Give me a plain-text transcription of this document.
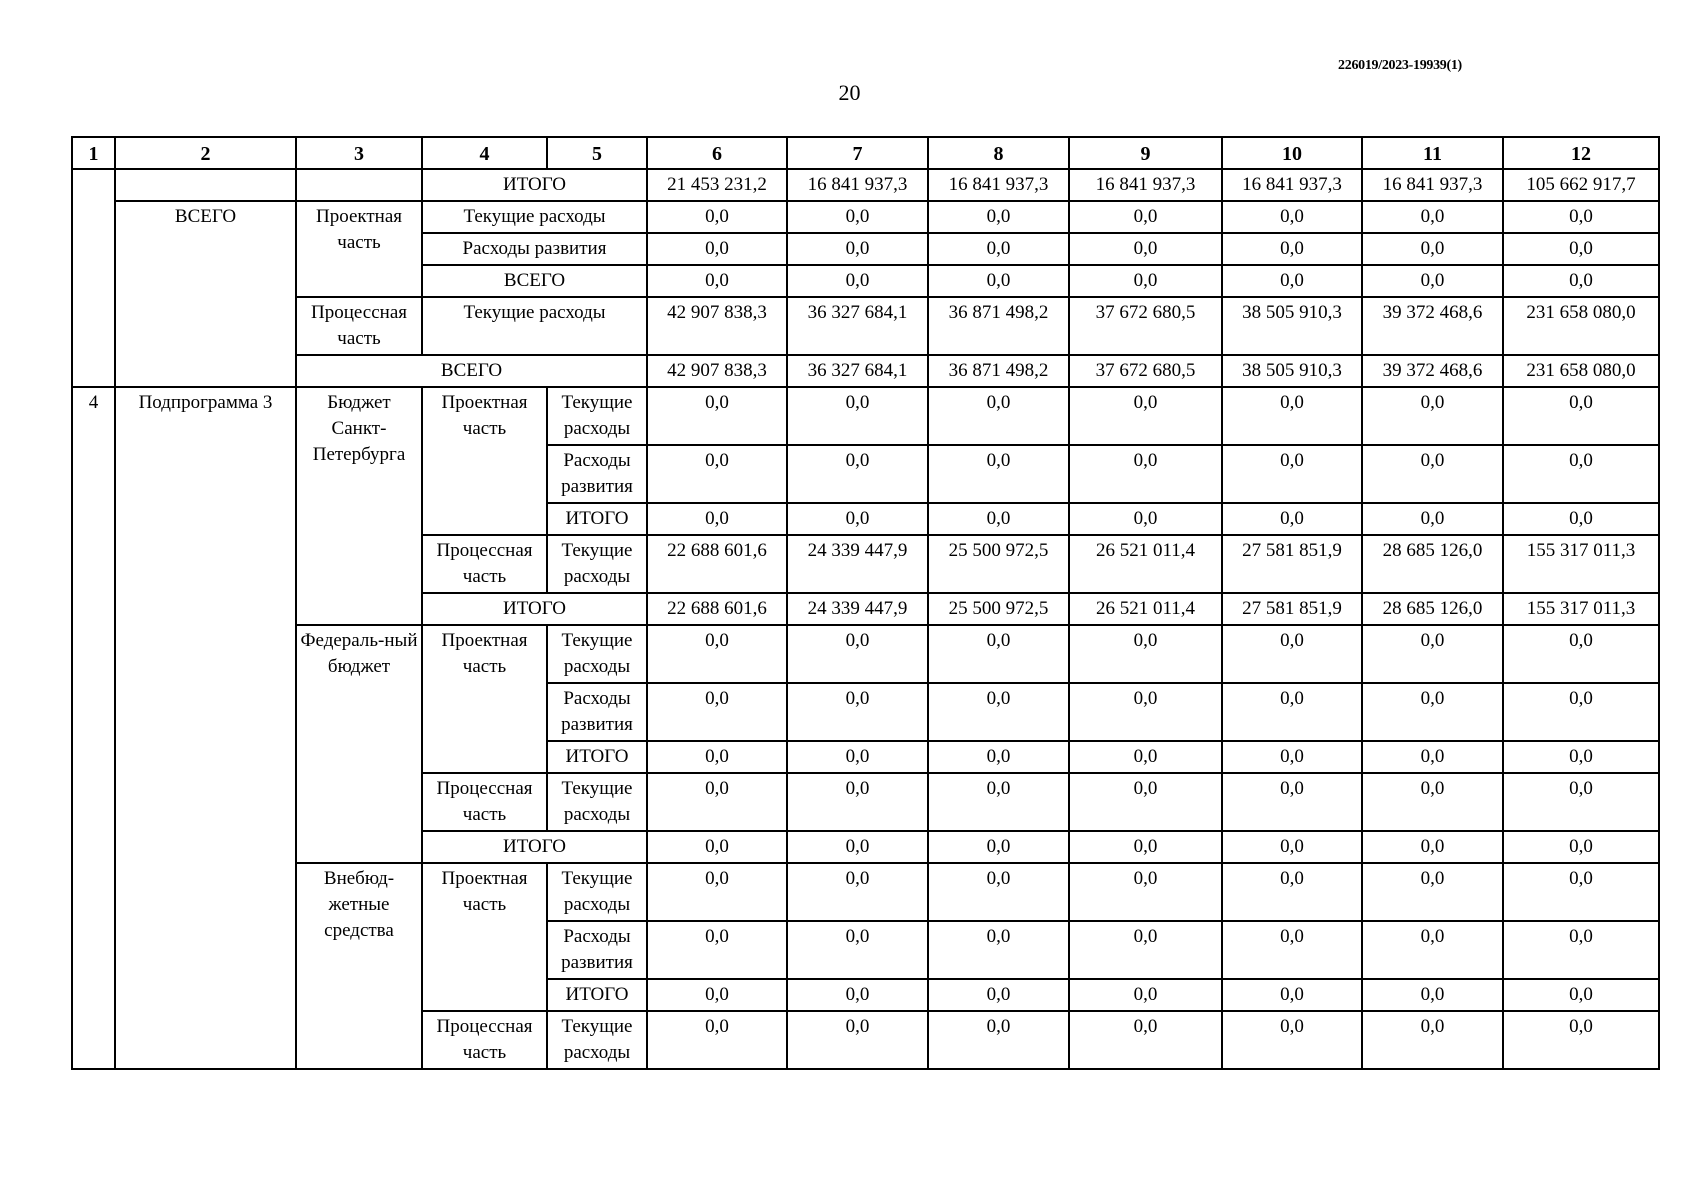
226019/2023-19939(1)
20
1	2	3	4	5	6	7	8	9	10	11	12
			ИТОГО		21 453 231,2	16 841 937,3	16 841 937,3	16 841 937,3	16 841 937,3	16 841 937,3	105 662 917,7
	ВСЕГО	Проектная часть	Текущие расходы		0,0	0,0	0,0	0,0	0,0	0,0	0,0
			Расходы развития		0,0	0,0	0,0	0,0	0,0	0,0	0,0
			ВСЕГО		0,0	0,0	0,0	0,0	0,0	0,0	0,0
		Процессная часть	Текущие расходы		42 907 838,3	36 327 684,1	36 871 498,2	37 672 680,5	38 505 910,3	39 372 468,6	231 658 080,0
		ВСЕГО			42 907 838,3	36 327 684,1	36 871 498,2	37 672 680,5	38 505 910,3	39 372 468,6	231 658 080,0
4	Подпрограмма 3	Бюджет Санкт-Петербурга	Проектная часть	Текущие расходы	0,0	0,0	0,0	0,0	0,0	0,0	0,0
				Расходы развития	0,0	0,0	0,0	0,0	0,0	0,0	0,0
				ИТОГО	0,0	0,0	0,0	0,0	0,0	0,0	0,0
			Процессная часть	Текущие расходы	22 688 601,6	24 339 447,9	25 500 972,5	26 521 011,4	27 581 851,9	28 685 126,0	155 317 011,3
			ИТОГО		22 688 601,6	24 339 447,9	25 500 972,5	26 521 011,4	27 581 851,9	28 685 126,0	155 317 011,3
		Федераль-ный бюджет	Проектная часть	Текущие расходы	0,0	0,0	0,0	0,0	0,0	0,0	0,0
				Расходы развития	0,0	0,0	0,0	0,0	0,0	0,0	0,0
				ИТОГО	0,0	0,0	0,0	0,0	0,0	0,0	0,0
			Процессная часть	Текущие расходы	0,0	0,0	0,0	0,0	0,0	0,0	0,0
			ИТОГО		0,0	0,0	0,0	0,0	0,0	0,0	0,0
		Внебюд-жетные средства	Проектная часть	Текущие расходы	0,0	0,0	0,0	0,0	0,0	0,0	0,0
				Расходы развития	0,0	0,0	0,0	0,0	0,0	0,0	0,0
				ИТОГО	0,0	0,0	0,0	0,0	0,0	0,0	0,0
			Процессная часть	Текущие расходы	0,0	0,0	0,0	0,0	0,0	0,0	0,0
